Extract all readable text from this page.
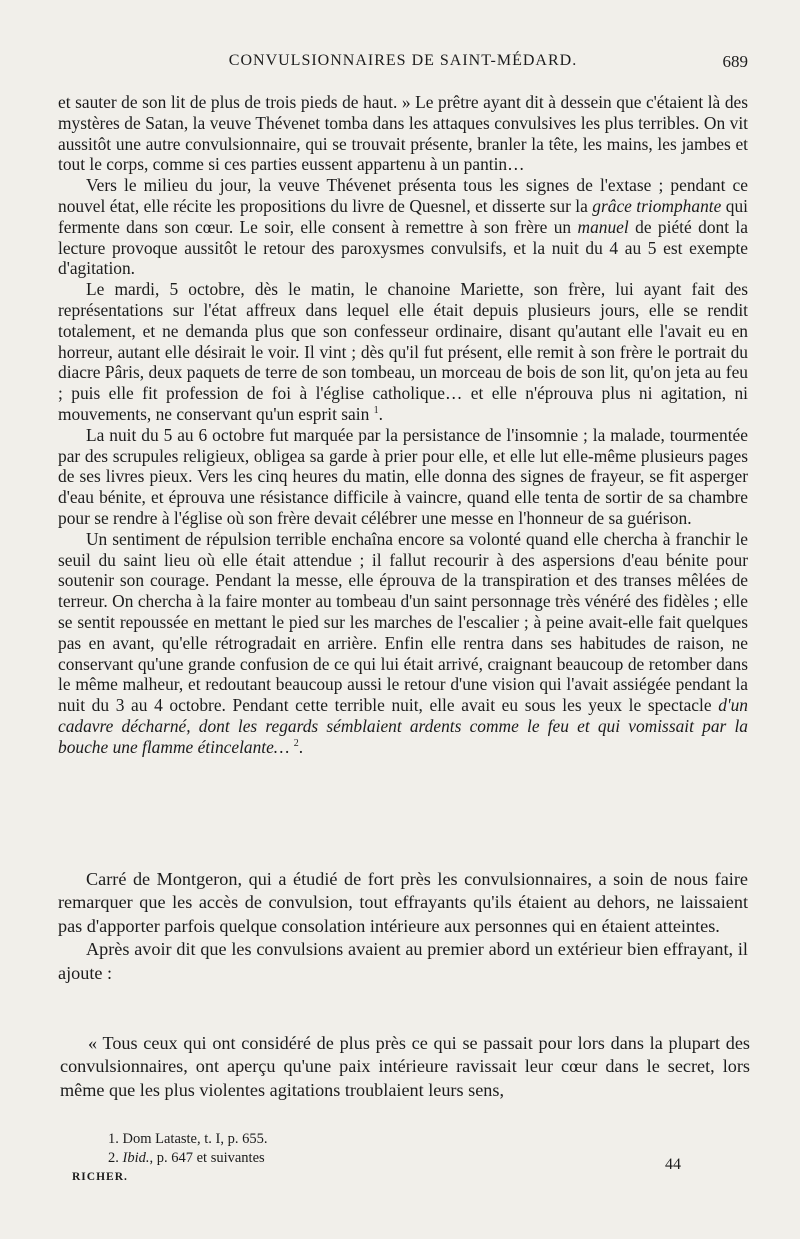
CONVULSIONNAIRES DE SAINT-MÉDARD.	689

et sauter de son lit de plus de trois pieds de haut. » Le prêtre ayant dit à dessein que c'étaient là des mystères de Satan, la veuve Thévenet tomba dans les attaques convulsives les plus terribles. On vit aussitôt une autre convulsionnaire, qui se trouvait présente, branler la tête, les mains, les jambes et tout le corps, comme si ces parties eussent appartenu à un pantin…

Vers le milieu du jour, la veuve Thévenet présenta tous les signes de l'extase ; pendant ce nouvel état, elle récite les propositions du livre de Quesnel, et disserte sur la grâce triomphante qui fermente dans son cœur. Le soir, elle consent à remettre à son frère un manuel de piété dont la lecture provoque aussitôt le retour des paroxysmes convulsifs, et la nuit du 4 au 5 est exempte d'agitation.

Le mardi, 5 octobre, dès le matin, le chanoine Mariette, son frère, lui ayant fait des représentations sur l'état affreux dans lequel elle était depuis plusieurs jours, elle se rendit totalement, et ne demanda plus que son confesseur ordinaire, disant qu'autant elle l'avait eu en horreur, autant elle désirait le voir. Il vint ; dès qu'il fut présent, elle remit à son frère le portrait du diacre Pâris, deux paquets de terre de son tombeau, un morceau de bois de son lit, qu'on jeta au feu ; puis elle fit profession de foi à l'église catholique… et elle n'éprouva plus ni agitation, ni mouvements, ne conservant qu'un esprit sain $^1$.

La nuit du 5 au 6 octobre fut marquée par la persistance de l'insomnie ; la malade, tourmentée par des scrupules religieux, obligea sa garde à prier pour elle, et elle lut elle-même plusieurs pages de ses livres pieux. Vers les cinq heures du matin, elle donna des signes de frayeur, se fit asperger d'eau bénite, et éprouva une résistance difficile à vaincre, quand elle tenta de sortir de sa chambre pour se rendre à l'église où son frère devait célébrer une messe en l'honneur de sa guérison.

Un sentiment de répulsion terrible enchaîna encore sa volonté quand elle chercha à franchir le seuil du saint lieu où elle était attendue ; il fallut recourir à des aspersions d'eau bénite pour soutenir son courage. Pendant la messe, elle éprouva de la transpiration et des transes mêlées de terreur. On chercha à la faire monter au tombeau d'un saint personnage très vénéré des fidèles ; elle se sentit repoussée en mettant le pied sur les marches de l'escalier ; à peine avait-elle fait quelques pas en avant, qu'elle rétrogradait en arrière. Enfin elle rentra dans ses habitudes de raison, ne conservant qu'une grande confusion de ce qui lui était arrivé, craignant beaucoup de retomber dans le même malheur, et redoutant beaucoup aussi le retour d'une vision qui l'avait assiégée pendant la nuit du 3 au 4 octobre. Pendant cette terrible nuit, elle avait eu sous les yeux le spectacle d'un cadavre décharné, dont les regards sémblaient ardents comme le feu et qui vomissait par la bouche une flamme étincelante… $^2$.

Carré de Montgeron, qui a étudié de fort près les convulsionnaires, a soin de nous faire remarquer que les accès de convulsion, tout effrayants qu'ils étaient au dehors, ne laissaient pas d'apporter parfois quelque consolation intérieure aux personnes qui en étaient atteintes.

Après avoir dit que les convulsions avaient au premier abord un extérieur bien effrayant, il ajoute :

« Tous ceux qui ont considéré de plus près ce qui se passait pour lors dans la plupart des convulsionnaires, ont aperçu qu'une paix intérieure ravissait leur cœur dans le secret, lors même que les plus violentes agitations troublaient leurs sens,

1. Dom Lataste, t. I, p. 655.

2. Ibid., p. 647 et suivantes

RICHER.
44
